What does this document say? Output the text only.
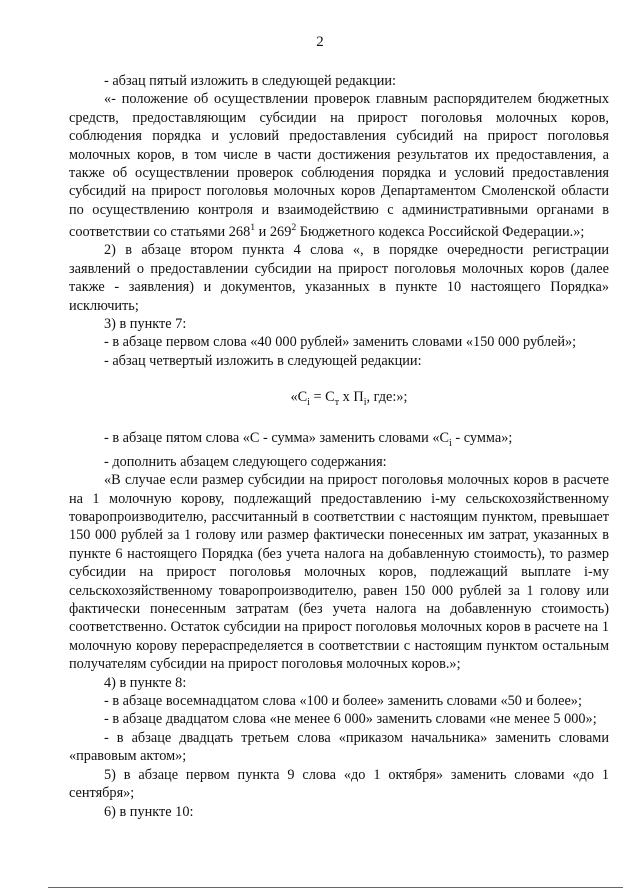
2

- абзац пятый изложить в следующей редакции:

«- положение об осуществлении проверок главным распорядителем бюджетных средств, предоставляющим субсидии на прирост поголовья молочных коров, соблюдения порядка и условий предоставления субсидий на прирост поголовья молочных коров, в том числе в части достижения результатов их предоставления, а также об осуществлении проверок соблюдения порядка и условий предоставления субсидий на прирост поголовья молочных коров Департаментом Смоленской области по осуществлению контроля и взаимодействию с административными органами в соответствии со статьями $268^1$ и $269^2$ Бюджетного кодекса Российской Федерации.»;

2) в абзаце втором пункта 4 слова «, в порядке очередности регистрации заявлений о предоставлении субсидии на прирост поголовья молочных коров (далее также - заявления) и документов, указанных в пункте 10 настоящего Порядка» исключить;

3) в пункте 7:

- в абзаце первом слова «40 000 рублей» заменить словами «150 000 рублей»;

- абзац четвертый изложить в следующей редакции:

«$С_i = С_т$ х $П_i$, где:»;

- в абзаце пятом слова «С - сумма» заменить словами «$С_i$ - сумма»;

- дополнить абзацем следующего содержания:

«В случае если размер субсидии на прирост поголовья молочных коров в расчете на 1 молочную корову, подлежащий предоставлению i-му сельскохозяйственному товаропроизводителю, рассчитанный в соответствии с настоящим пунктом, превышает 150 000 рублей за 1 голову или размер фактически понесенных им затрат, указанных в пункте 6 настоящего Порядка (без учета налога на добавленную стоимость), то размер субсидии на прирост поголовья молочных коров, подлежащий выплате i-му сельскохозяйственному товаропроизводителю, равен 150 000 рублей за 1 голову или фактически понесенным затратам (без учета налога на добавленную стоимость) соответственно. Остаток субсидии на прирост поголовья молочных коров в расчете на 1 молочную корову перераспределяется в соответствии с настоящим пунктом остальным получателям субсидии на прирост поголовья молочных коров.»;

4) в пункте 8:

- в абзаце восемнадцатом слова «100 и более» заменить словами «50 и более»;

- в абзаце двадцатом слова «не менее 6 000» заменить словами «не менее 5 000»;

- в абзаце двадцать третьем слова «приказом начальника» заменить словами «правовым актом»;

5) в абзаце первом пункта 9 слова «до 1 октября» заменить словами «до 1 сентября»;

6) в пункте 10:
